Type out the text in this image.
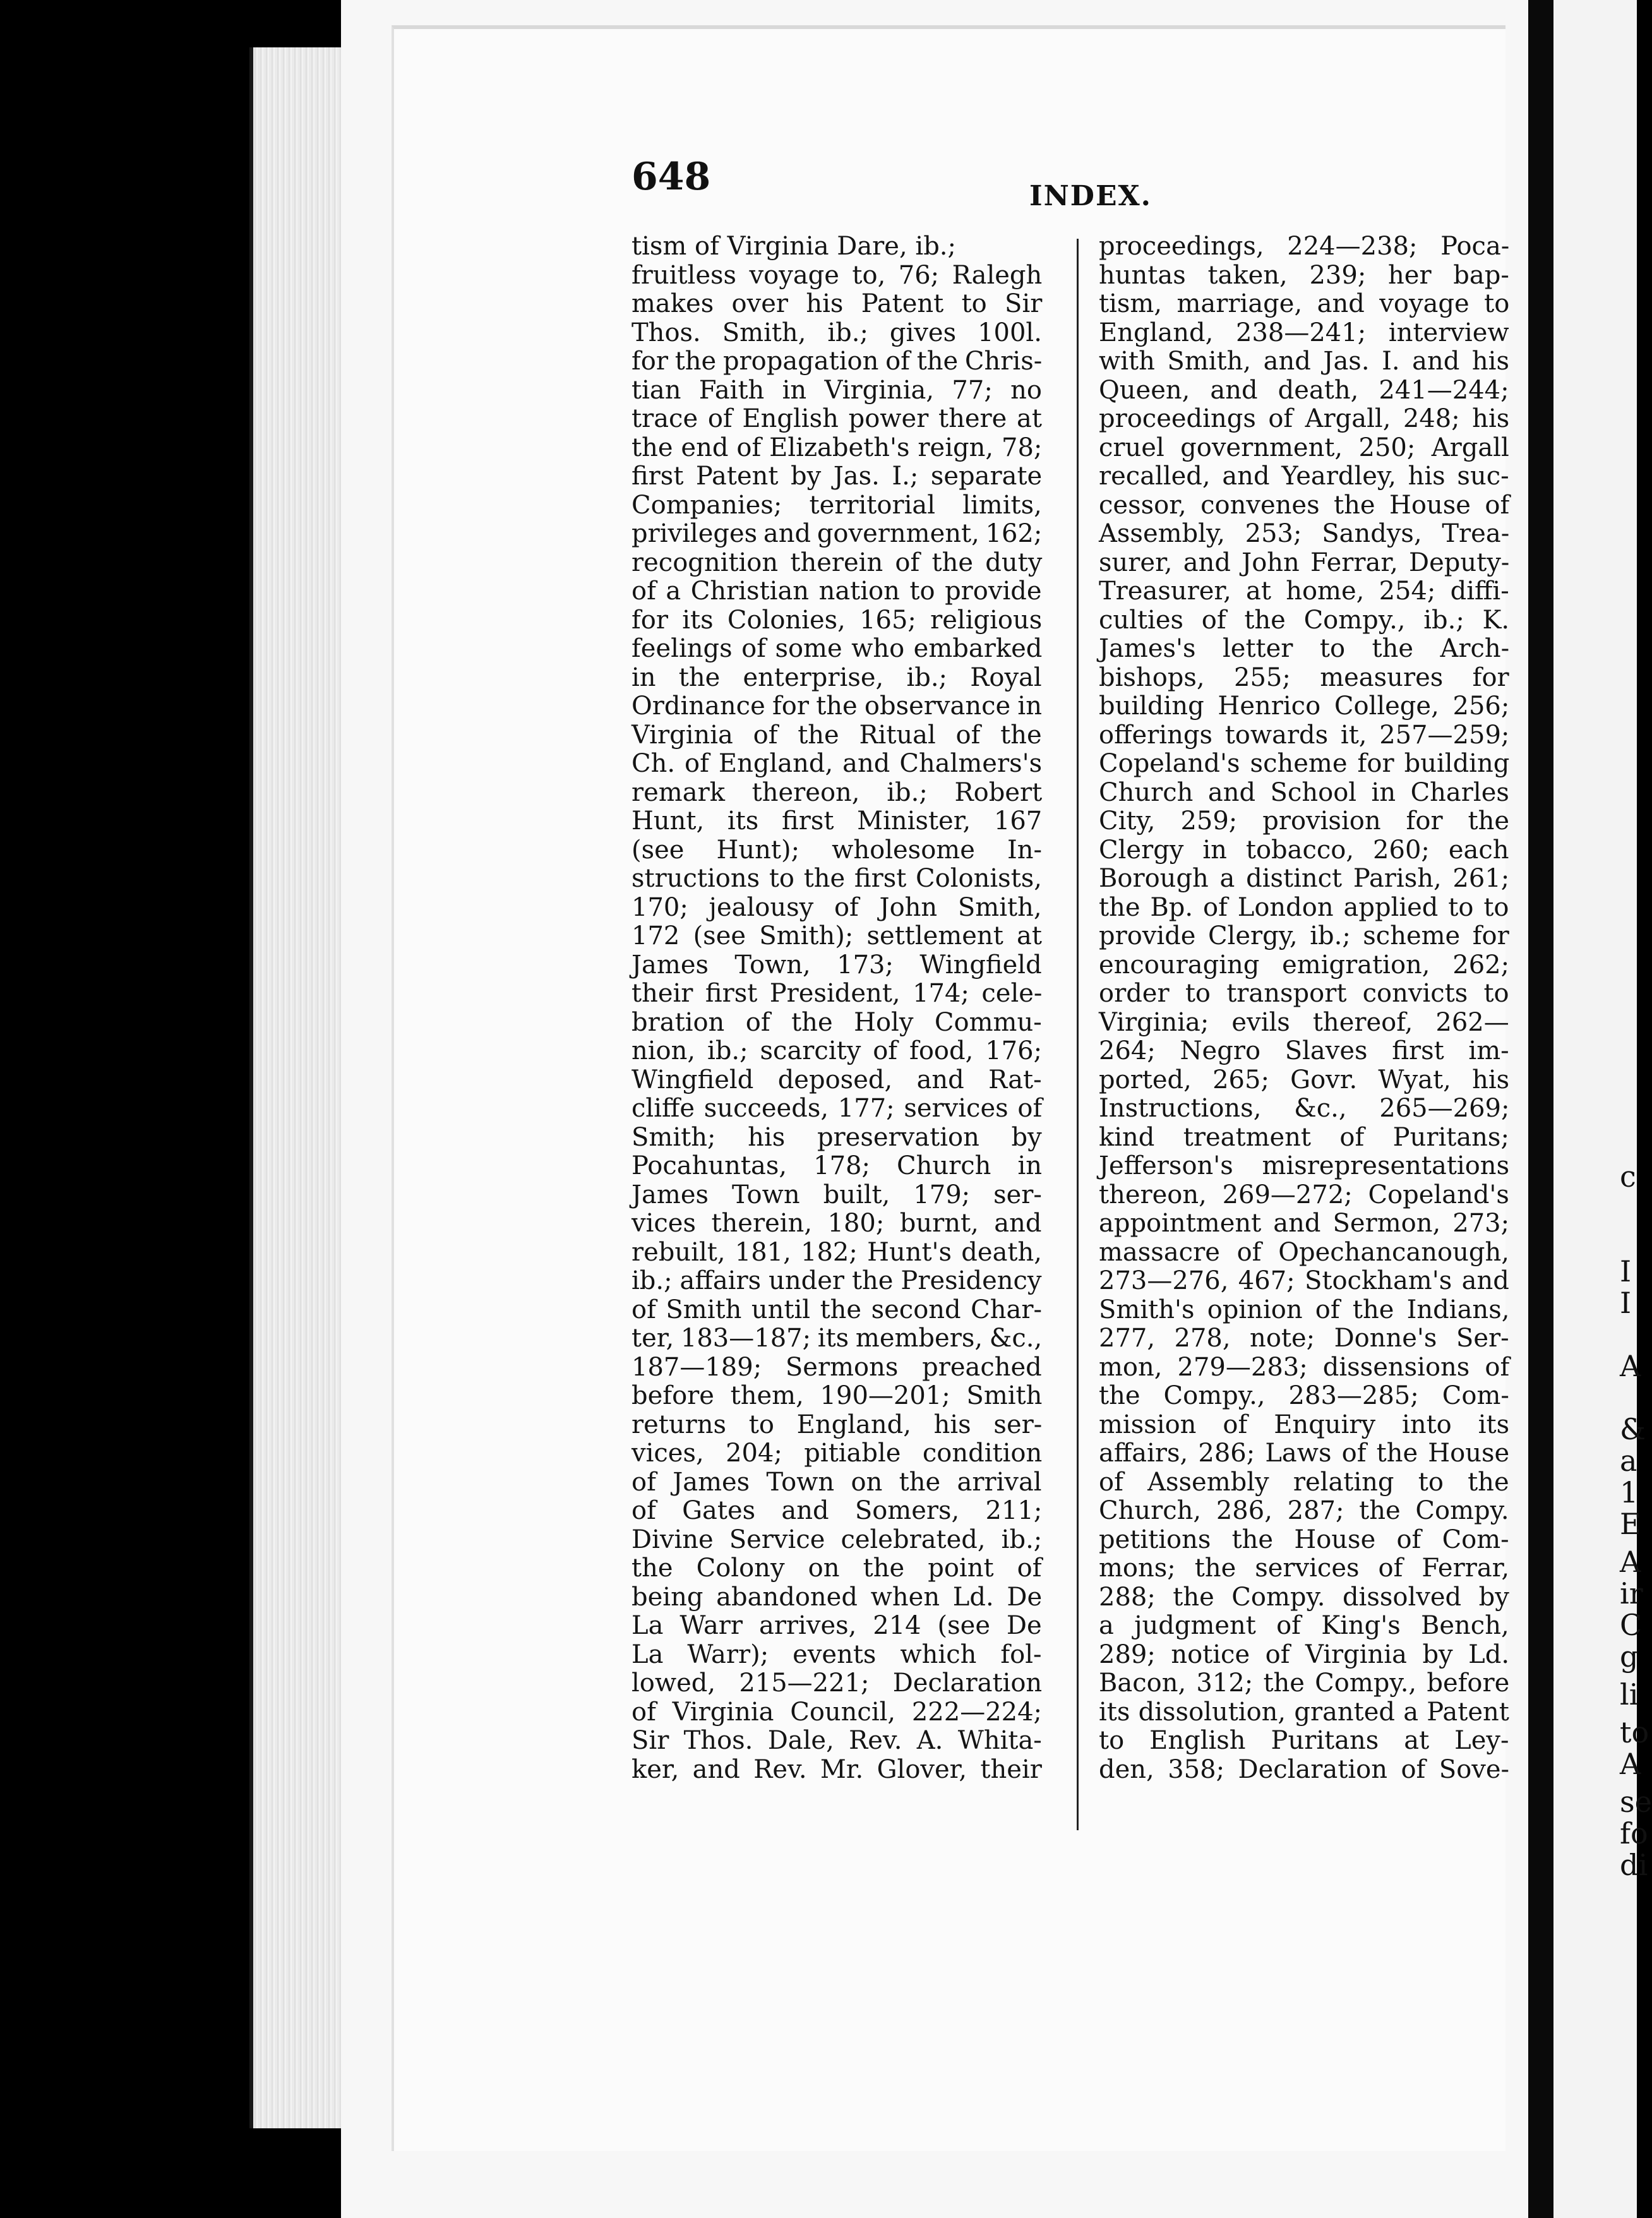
c
I
I
A
&
a
1
E
A
ir
C
g
li
to
A
se
fo
di
648	INDEX.
tism of Virginia Dare, ib.;
fruitless voyage to, 76; Ralegh
makes over his Patent to Sir
Thos. Smith, ib.; gives 100l.
for the propagation of the Chris-
tian Faith in Virginia, 77; no
trace of English power there at
the end of Elizabeth's reign, 78;
first Patent by Jas. I.; separate
Companies; territorial limits,
privileges and government, 162;
recognition therein of the duty
of a Christian nation to provide
for its Colonies, 165; religious
feelings of some who embarked
in the enterprise, ib.; Royal
Ordinance for the observance in
Virginia of the Ritual of the
Ch. of England, and Chalmers's
remark thereon, ib.; Robert
Hunt, its first Minister, 167
(see Hunt); wholesome In-
structions to the first Colonists,
170; jealousy of John Smith,
172 (see Smith); settlement at
James Town, 173; Wingfield
their first President, 174; cele-
bration of the Holy Commu-
nion, ib.; scarcity of food, 176;
Wingfield deposed, and Rat-
cliffe succeeds, 177; services of
Smith; his preservation by
Pocahuntas, 178; Church in
James Town built, 179; ser-
vices therein, 180; burnt, and
rebuilt, 181, 182; Hunt's death,
ib.; affairs under the Presidency
of Smith until the second Char-
ter, 183—187; its members, &c.,
187—189; Sermons preached
before them, 190—201; Smith
returns to England, his ser-
vices, 204; pitiable condition
of James Town on the arrival
of Gates and Somers, 211;
Divine Service celebrated, ib.;
the Colony on the point of
being abandoned when Ld. De
La Warr arrives, 214 (see De
La Warr); events which fol-
lowed, 215—221; Declaration
of Virginia Council, 222—224;
Sir Thos. Dale, Rev. A. Whita-
ker, and Rev. Mr. Glover, their
proceedings, 224—238; Poca-
huntas taken, 239; her bap-
tism, marriage, and voyage to
England, 238—241; interview
with Smith, and Jas. I. and his
Queen, and death, 241—244;
proceedings of Argall, 248; his
cruel government, 250; Argall
recalled, and Yeardley, his suc-
cessor, convenes the House of
Assembly, 253; Sandys, Trea-
surer, and John Ferrar, Deputy-
Treasurer, at home, 254; diffi-
culties of the Compy., ib.; K.
James's letter to the Arch-
bishops, 255; measures for
building Henrico College, 256;
offerings towards it, 257—259;
Copeland's scheme for building
Church and School in Charles
City, 259; provision for the
Clergy in tobacco, 260; each
Borough a distinct Parish, 261;
the Bp. of London applied to to
provide Clergy, ib.; scheme for
encouraging emigration, 262;
order to transport convicts to
Virginia; evils thereof, 262—
264; Negro Slaves first im-
ported, 265; Govr. Wyat, his
Instructions, &c., 265—269;
kind treatment of Puritans;
Jefferson's misrepresentations
thereon, 269—272; Copeland's
appointment and Sermon, 273;
massacre of Opechancanough,
273—276, 467; Stockham's and
Smith's opinion of the Indians,
277, 278, note; Donne's Ser-
mon, 279—283; dissensions of
the Compy., 283—285; Com-
mission of Enquiry into its
affairs, 286; Laws of the House
of Assembly relating to the
Church, 286, 287; the Compy.
petitions the House of Com-
mons; the services of Ferrar,
288; the Compy. dissolved by
a judgment of King's Bench,
289; notice of Virginia by Ld.
Bacon, 312; the Compy., before
its dissolution, granted a Patent
to English Puritans at Ley-
den, 358; Declaration of Sove-
